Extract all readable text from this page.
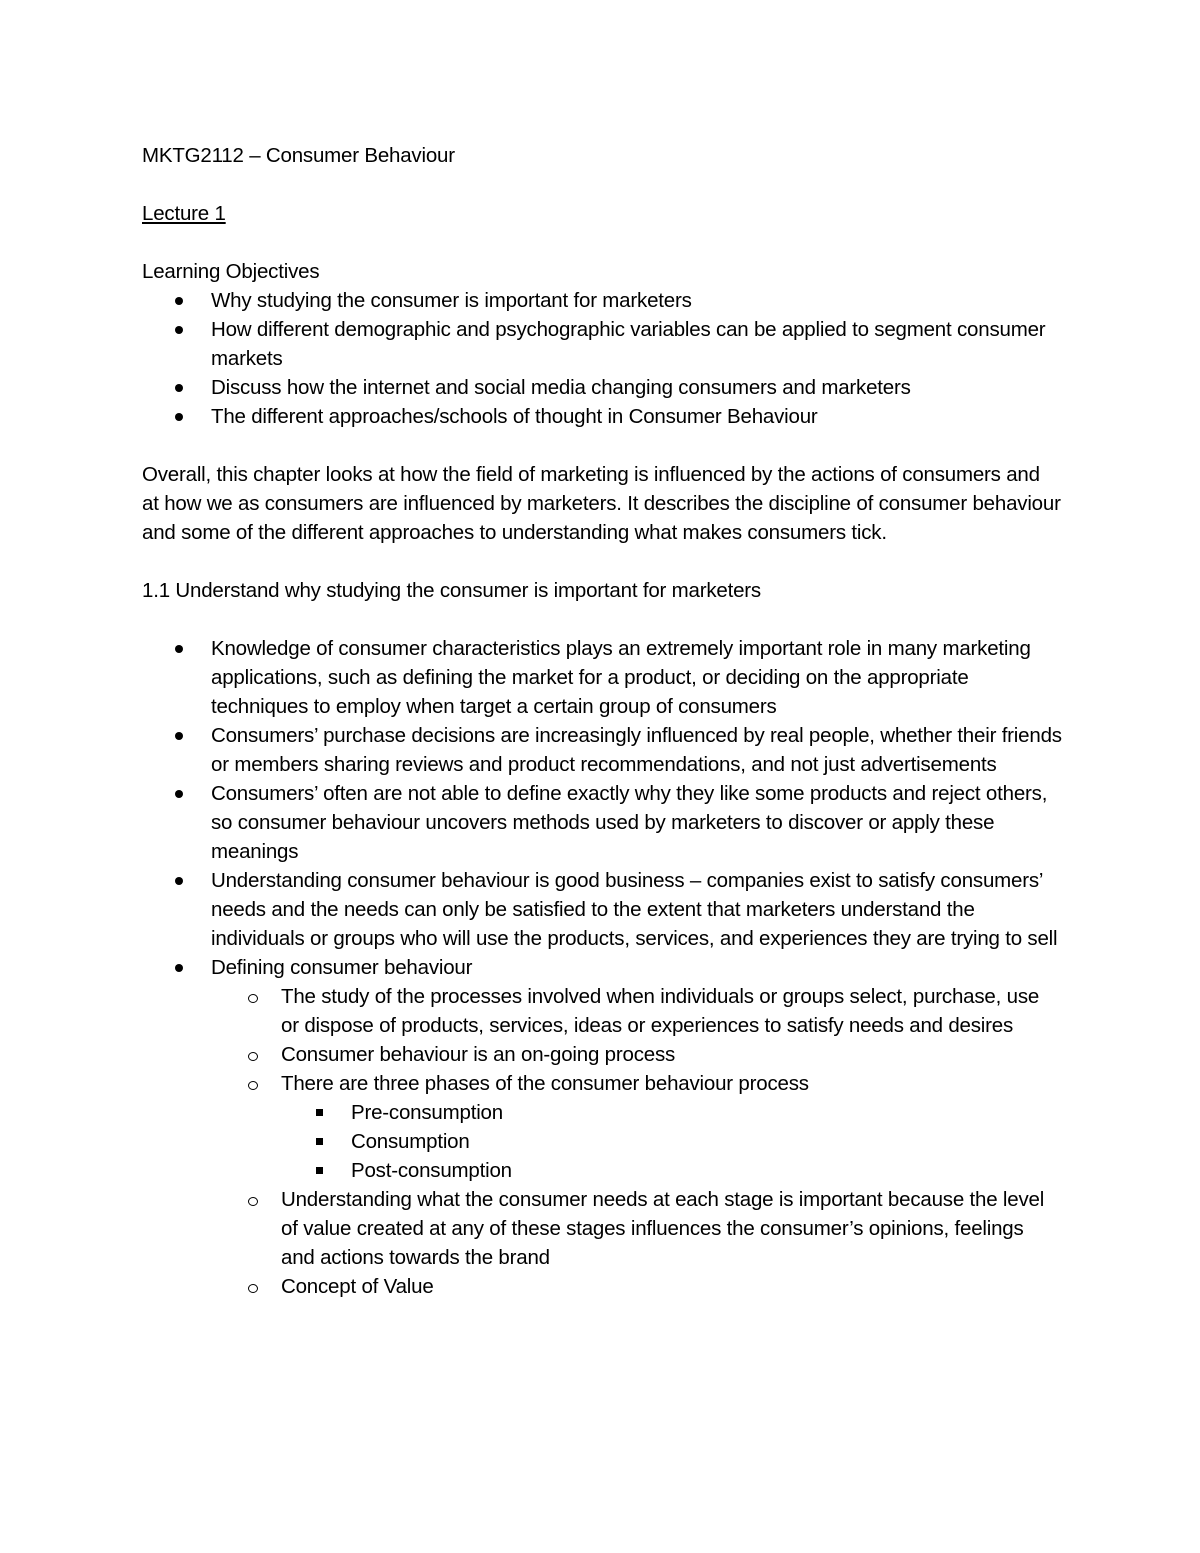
MKTG2112 – Consumer Behaviour
Lecture 1
Learning Objectives
Why studying the consumer is important for marketers
How different demographic and psychographic variables can be applied to segment consumer markets
Discuss how the internet and social media changing consumers and marketers
The different approaches/schools of thought in Consumer Behaviour
Overall, this chapter looks at how the field of marketing is influenced by the actions of consumers and at how we as consumers are influenced by marketers. It describes the discipline of consumer behaviour and some of the different approaches to understanding what makes consumers tick.
1.1 Understand why studying the consumer is important for marketers
Knowledge of consumer characteristics plays an extremely important role in many marketing applications, such as defining the market for a product, or deciding on the appropriate techniques to employ when target a certain group of consumers
Consumers’ purchase decisions are increasingly influenced by real people, whether their friends or members sharing reviews and product recommendations, and not just advertisements
Consumers’ often are not able to define exactly why they like some products and reject others, so consumer behaviour uncovers methods used by marketers to discover or apply these meanings
Understanding consumer behaviour is good business – companies exist to satisfy consumers’ needs and the needs can only be satisfied to the extent that marketers understand the individuals or groups who will use the products, services, and experiences they are trying to sell
Defining consumer behaviour
The study of the processes involved when individuals or groups select, purchase, use or dispose of products, services, ideas or experiences to satisfy needs and desires
Consumer behaviour is an on-going process
There are three phases of the consumer behaviour process
Pre-consumption
Consumption
Post-consumption
Understanding what the consumer needs at each stage is important because the level of value created at any of these stages influences the consumer’s opinions, feelings and actions towards the brand
Concept of Value
